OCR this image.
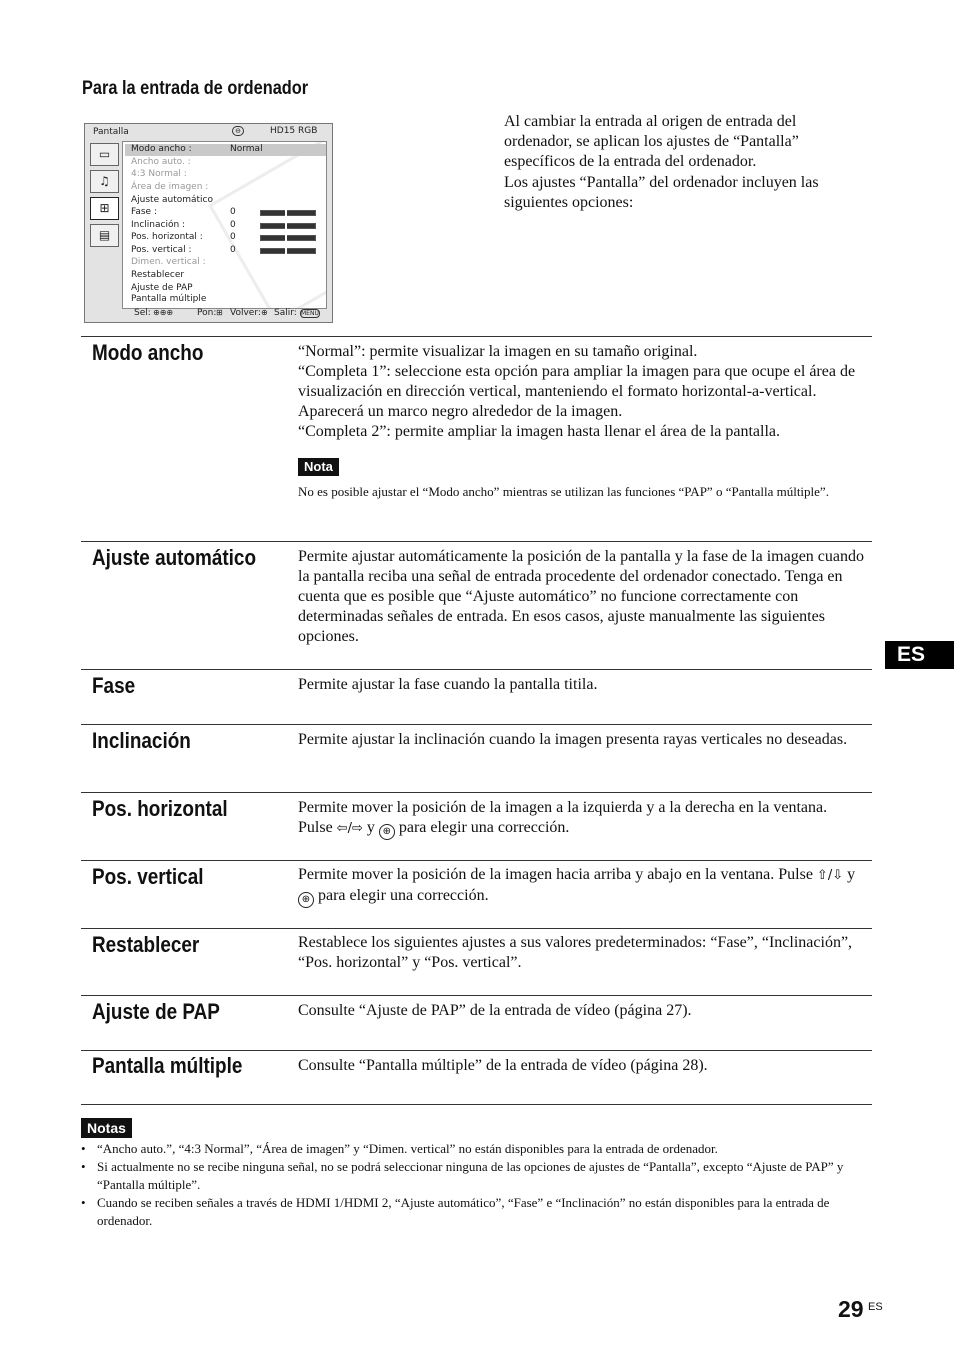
Para la entrada de ordenador

Al cambiar la entrada al origen de entrada del ordenador, se aplican los ajustes de “Pantalla” específicos de la entrada del ordenador.

Los ajustes “Pantalla” del ordenador incluyen las siguientes opciones:

Pantalla	⊖	HD15 RGB
▭
♫
⊞
▤
Modo ancho :	Normal
Ancho auto. :
4:3 Normal :
Área de imagen :
Ajuste automático
Fase :	0
Inclinación :	0
Pos. horizontal :	0
Pos. vertical :	0
Dimen. vertical :
Restablecer
Ajuste de PAP
Pantalla múltiple
Sel: ⊕⊕⊕	Pon: ⊞ Volver: ⊕ Salir: MENU
Modo ancho	“Normal”: permite visualizar la imagen en su tamaño original.

“Completa 1”: seleccione esta opción para ampliar la imagen para que ocupe el área de visualización en dirección vertical, manteniendo el formato horizontal-a-vertical. Aparecerá un marco negro alrededor de la imagen.

“Completa 2”: permite ampliar la imagen hasta llenar el área de la pantalla.

Nota
No es posible ajustar el “Modo ancho” mientras se utilizan las funciones “PAP” o “Pantalla múltiple”.
Ajuste automático	Permite ajustar automáticamente la posición de la pantalla y la fase de la imagen cuando la pantalla reciba una señal de entrada procedente del ordenador conectado. Tenga en cuenta que es posible que “Ajuste automático” no funcione correctamente con determinadas señales de entrada. En esos casos, ajuste manualmente las siguientes opciones.

Fase	Permite ajustar la fase cuando la pantalla titila.

Inclinación	Permite ajustar la inclinación cuando la imagen presenta rayas verticales no deseadas.

Pos. horizontal	Permite mover la posición de la imagen a la izquierda y a la derecha en la ventana.

Pulse ⇦/⇨ y ⊕ para elegir una corrección.

Pos. vertical	Permite mover la posición de la imagen hacia arriba y abajo en la ventana. Pulse ⇧/⇩ y ⊕ para elegir una corrección.

Restablecer	Restablece los siguientes ajustes a sus valores predeterminados: “Fase”, “Inclinación”, “Pos. horizontal” y “Pos. vertical”.

Ajuste de PAP	Consulte “Ajuste de PAP” de la entrada de vídeo (página 27).

Pantalla múltiple	Consulte “Pantalla múltiple” de la entrada de vídeo (página 28).

Notas
• “Ancho auto.”, “4:3 Normal”, “Área de imagen” y “Dimen. vertical” no están disponibles para la entrada de ordenador.
• Si actualmente no se recibe ninguna señal, no se podrá seleccionar ninguna de las opciones de ajustes de “Pantalla”, excepto “Ajuste de PAP” y “Pantalla múltiple”.
• Cuando se reciben señales a través de HDMI 1/HDMI 2, “Ajuste automático”, “Fase” e “Inclinación” no están disponibles para la entrada de ordenador.
ES
29 ES
